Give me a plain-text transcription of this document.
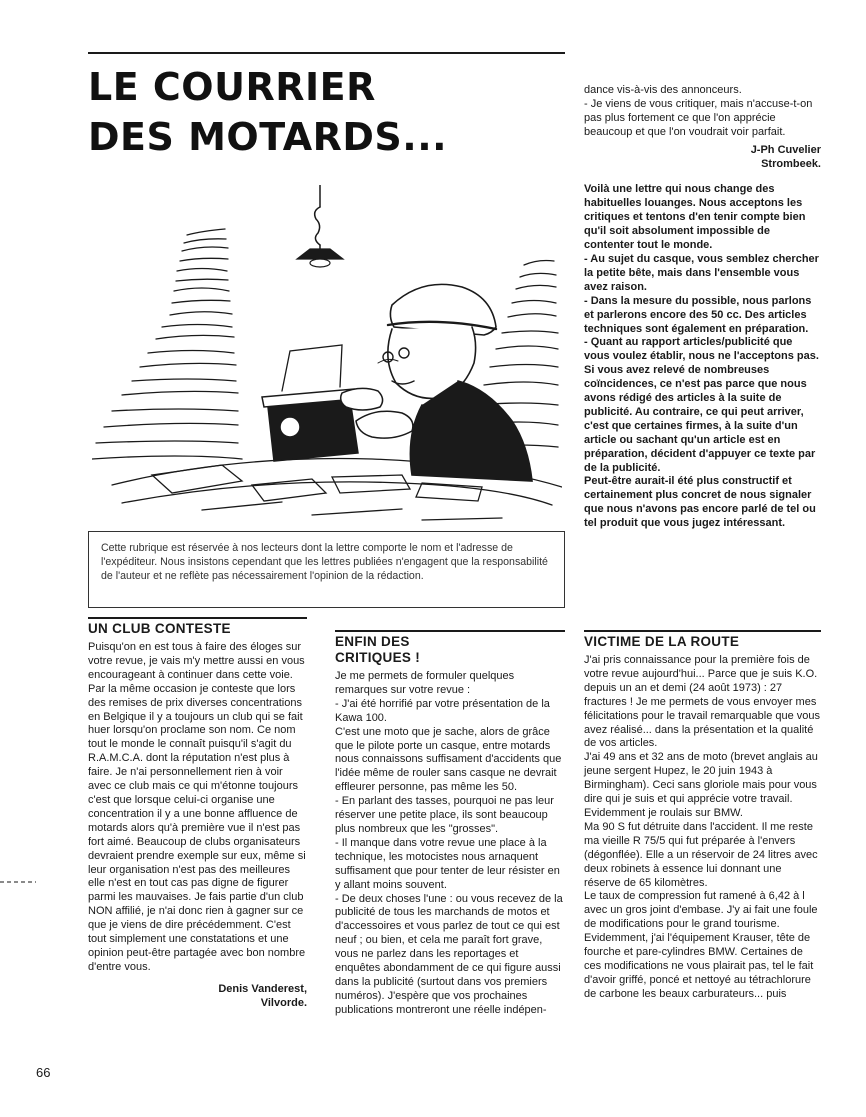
LE COURRIER
DES MOTARDS...
Cette rubrique est réservée à nos lecteurs dont la lettre comporte le nom et l'adresse de l'expéditeur. Nous insistons cependant que les lettres publiées n'engagent que la responsabilité de l'auteur et ne reflète pas nécessairement l'opinion de la rédaction.

dance vis-à-vis des annonceurs.

- Je viens de vous critiquer, mais n'accuse-t-on pas plus fortement ce que l'on apprécie beaucoup et que l'on voudrait voir parfait.

J-Ph Cuvelier

Strombeek.

Voilà une lettre qui nous change des habituelles louanges. Nous acceptons les critiques et tentons d'en tenir compte bien qu'il soit absolument impossible de contenter tout le monde.

- Au sujet du casque, vous semblez chercher la petite bête, mais dans l'ensemble vous avez raison.

- Dans la mesure du possible, nous parlons et parlerons encore des 50 cc. Des articles techniques sont également en préparation.

- Quant au rapport articles/publicité que vous voulez établir, nous ne l'acceptons pas. Si vous avez relevé de nombreuses coïncidences, ce n'est pas parce que nous avons rédigé des articles à la suite de publicité. Au contraire, ce qui peut arriver, c'est que certaines firmes, à la suite d'un article ou sachant qu'un article est en préparation, décident d'appuyer ce texte par de la publicité.

Peut-être aurait-il été plus constructif et certainement plus concret de nous signaler que nous n'avons pas encore parlé de tel ou tel produit que vous jugez intéressant.

UN CLUB CONTESTE

Puisqu'on en est tous à faire des éloges sur votre revue, je vais m'y mettre aussi en vous encourageant à continuer dans cette voie.

Par la même occasion je conteste que lors des remises de prix diverses concentrations en Belgique il y a toujours un club qui se fait huer lorsqu'on proclame son nom. Ce nom tout le monde le connaît puisqu'il s'agit du R.A.M.C.A. dont la réputation n'est plus à faire. Je n'ai personnellement rien à voir avec ce club mais ce qui m'étonne toujours c'est que lorsque celui-ci organise une concentration il y a une bonne affluence de motards alors qu'à première vue il n'est pas fort aimé. Beaucoup de clubs organisateurs devraient prendre exemple sur eux, même si leur organisation n'est pas des meilleures elle n'est en tout cas pas digne de figurer parmi les mauvaises. Je fais partie d'un club NON affilié, je n'ai donc rien à gagner sur ce que je viens de dire précédemment. C'est tout simplement une constatations et une opinion peut-être partagée avec bon nombre d'entre vous.

Denis Vanderest,

Vilvorde.

ENFIN DES
CRITIQUES !

Je me permets de formuler quelques remarques sur votre revue :

- J'ai été horrifié par votre présentation de la Kawa 100.

C'est une moto que je sache, alors de grâce que le pilote porte un casque, entre motards nous connaissons suffisament d'accidents que l'idée même de rouler sans casque ne devrait effleurer personne, pas même les 50.

- En parlant des tasses, pourquoi ne pas leur réserver une petite place, ils sont beaucoup plus nombreux que les "grosses".

- Il manque dans votre revue une place à la technique, les motocistes nous arnaquent suffisament que pour tenter de leur résister en y allant moins souvent.

- De deux choses l'une : ou vous recevez de la publicité de tous les marchands de motos et d'accessoires et vous parlez de tout ce qui est neuf ; ou bien, et cela me paraît fort grave, vous ne parlez dans les reportages et enquêtes abondamment de ce qui figure aussi dans la publicité (surtout dans vos premiers numéros). J'espère que vos prochaines publications montreront une réelle indépen-

VICTIME DE LA ROUTE

J'ai pris connaissance pour la première fois de votre revue aujourd'hui... Parce que je suis K.O. depuis un an et demi (24 août 1973) : 27 fractures ! Je me permets de vous envoyer mes félicitations pour le travail remarquable que vous avez réalisé... dans la présentation et la qualité de vos articles.

J'ai 49 ans et 32 ans de moto (brevet anglais au jeune sergent Hupez, le 20 juin 1943 à Birmingham). Ceci sans gloriole mais pour vous dire qui je suis et qui apprécie votre travail. Evidemment je roulais sur BMW.

Ma 90 S fut détruite dans l'accident. Il me reste ma vieille R 75/5 qui fut préparée à l'envers (dégonflée). Elle a un réservoir de 24 litres avec deux robinets à essence lui donnant une réserve de 65 kilomètres.

Le taux de compression fut ramené à 6,42 à l avec un gros joint d'embase. J'y ai fait une foule de modifications pour le grand tourisme. Evidemment, j'ai l'équipement Krauser, tête de fourche et pare-cylindres BMW. Certaines de ces modifications ne vous plairait pas, tel le fait d'avoir griffé, poncé et nettoyé au tétrachlorure de carbone les beaux carburateurs... puis

66
